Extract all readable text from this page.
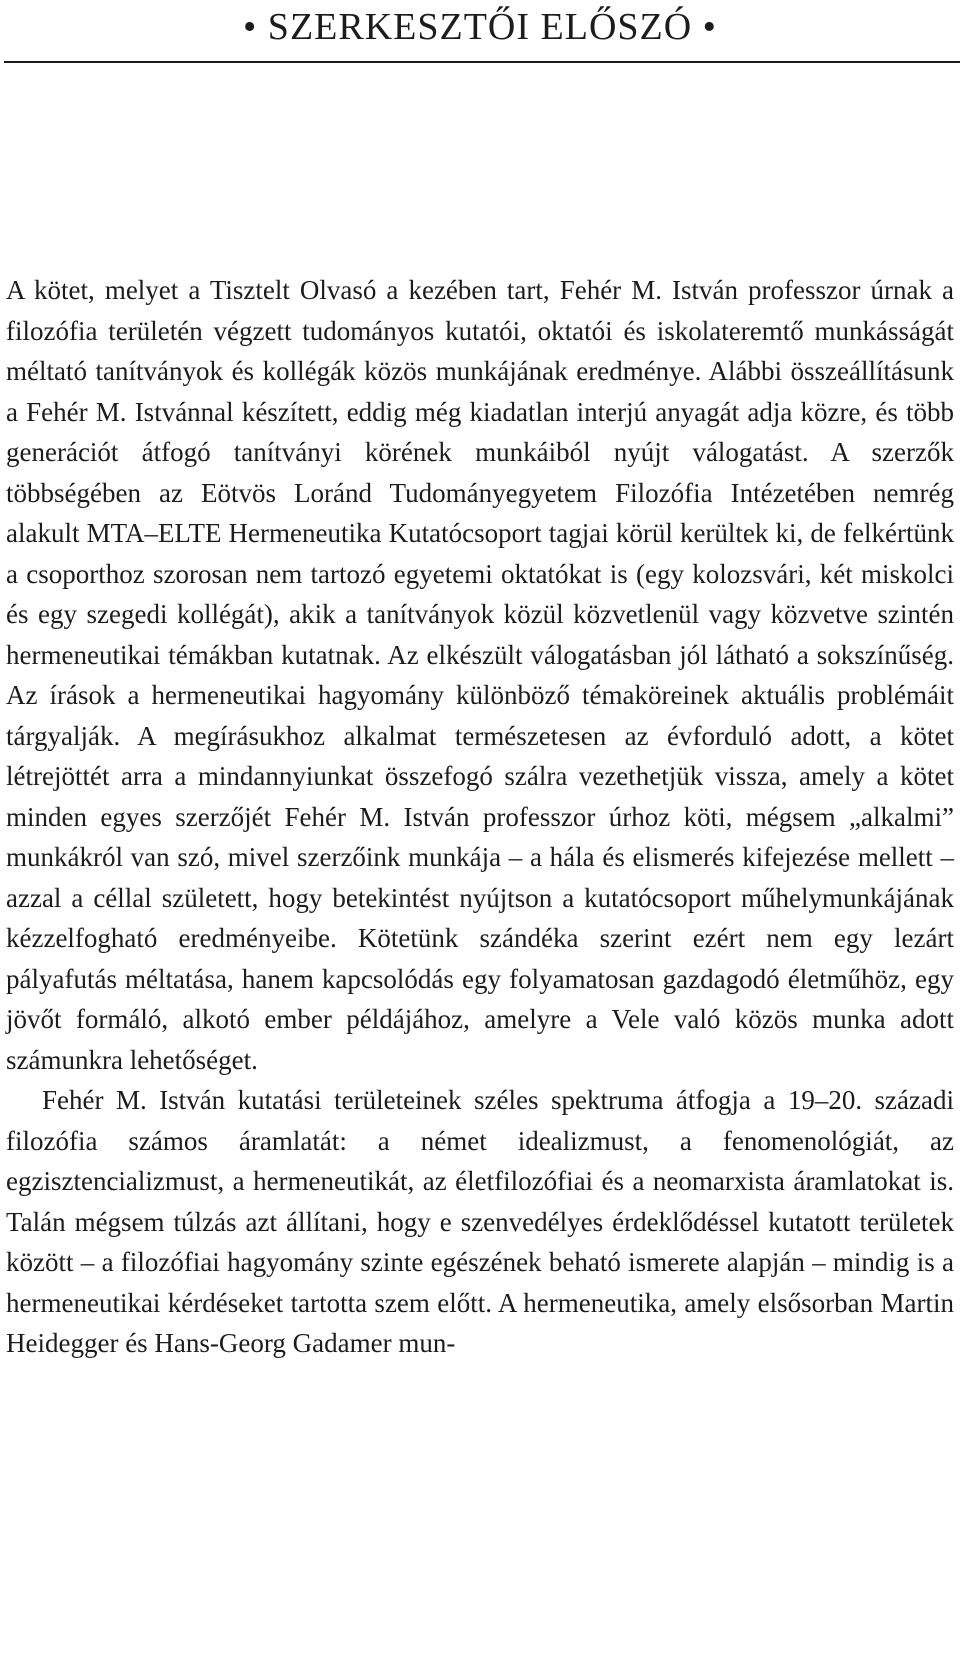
• SZERKESZTŐI ELŐSZÓ •

A kötet, melyet a Tisztelt Olvasó a kezében tart, Fehér M. István professzor úrnak a filozófia területén végzett tudományos kutatói, oktatói és iskolateremtő munkásságát méltató tanítványok és kollégák közös munkájának eredménye. Alábbi összeállításunk a Fehér M. Istvánnal készített, eddig még kiadatlan interjú anyagát adja közre, és több generációt átfogó tanítványi körének munkáiból nyújt válogatást. A szerzők többségében az Eötvös Loránd Tudományegyetem Filozófia Intézetében nemrég alakult MTA–ELTE Hermeneutika Kutatócsoport tagjai körül kerültek ki, de felkértünk a csoporthoz szorosan nem tartozó egyetemi oktatókat is (egy kolozsvári, két miskolci és egy szegedi kollégát), akik a tanítványok közül közvetlenül vagy közvetve szintén hermeneutikai témákban kutatnak. Az elkészült válogatásban jól látható a sokszínűség. Az írások a hermeneutikai hagyomány különböző témaköreinek aktuális problémáit tárgyalják. A megírásukhoz alkalmat természetesen az évforduló adott, a kötet létrejöttét arra a mindannyiunkat összefogó szálra vezethetjük vissza, amely a kötet minden egyes szerzőjét Fehér M. István professzor úrhoz köti, mégsem „alkalmi” munkákról van szó, mivel szerzőink munkája – a hála és elismerés kifejezése mellett – azzal a céllal született, hogy betekintést nyújtson a kutatócsoport műhelymunkájának kézzelfogható eredményeibe. Kötetünk szándéka szerint ezért nem egy lezárt pályafutás méltatása, hanem kapcsolódás egy folyamatosan gazdagodó életműhöz, egy jövőt formáló, alkotó ember példájához, amelyre a Vele való közös munka adott számunkra lehetőséget.

Fehér M. István kutatási területeinek széles spektruma átfogja a 19–20. századi filozófia számos áramlatát: a német idealizmust, a fenomenológiát, az egzisztencializmust, a hermeneutikát, az életfilozófiai és a neomarxista áramlatokat is. Talán mégsem túlzás azt állítani, hogy e szenvedélyes érdeklődéssel kutatott területek között – a filozófiai hagyomány szinte egészének beható ismerete alapján – mindig is a hermeneutikai kérdéseket tartotta szem előtt. A hermeneutika, amely elsősorban Martin Heidegger és Hans-Georg Gadamer mun-
